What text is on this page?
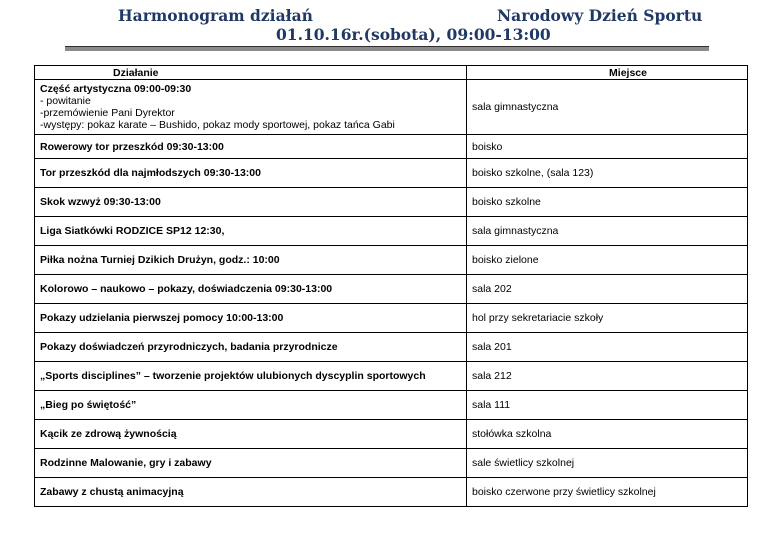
Harmonogram działań	Narodowy Dzień Sportu
01.10.16r.(sobota), 09:00-13:00
Działanie	Miejsce

Część artystyczna 09:00-09:30
- powitanie
-przemówienie Pani Dyrektor
-występy: pokaz karate – Bushido, pokaz mody sportowej, pokaz tańca Gabi	sala gimnastyczna
Rowerowy tor przeszkód 09:30-13:00	boisko
Tor przeszkód dla najmłodszych 09:30-13:00	boisko szkolne, (sala 123)
Skok wzwyż 09:30-13:00	boisko szkolne
Liga Siatkówki RODZICE SP12 12:30,	sala gimnastyczna
Piłka nożna Turniej Dzikich Drużyn, godz.: 10:00	boisko zielone
Kolorowo – naukowo – pokazy, doświadczenia 09:30-13:00	sala 202
Pokazy udzielania pierwszej pomocy 10:00-13:00	hol przy sekretariacie szkoły
Pokazy doświadczeń przyrodniczych, badania przyrodnicze	sala 201
„Sports disciplines” – tworzenie projektów ulubionych dyscyplin sportowych	sala 212
„Bieg po świętość”	sala 111
Kącik ze zdrową żywnością	stołówka szkolna
Rodzinne Malowanie, gry i zabawy	sale świetlicy szkolnej
Zabawy z chustą animacyjną	boisko czerwone przy świetlicy szkolnej
